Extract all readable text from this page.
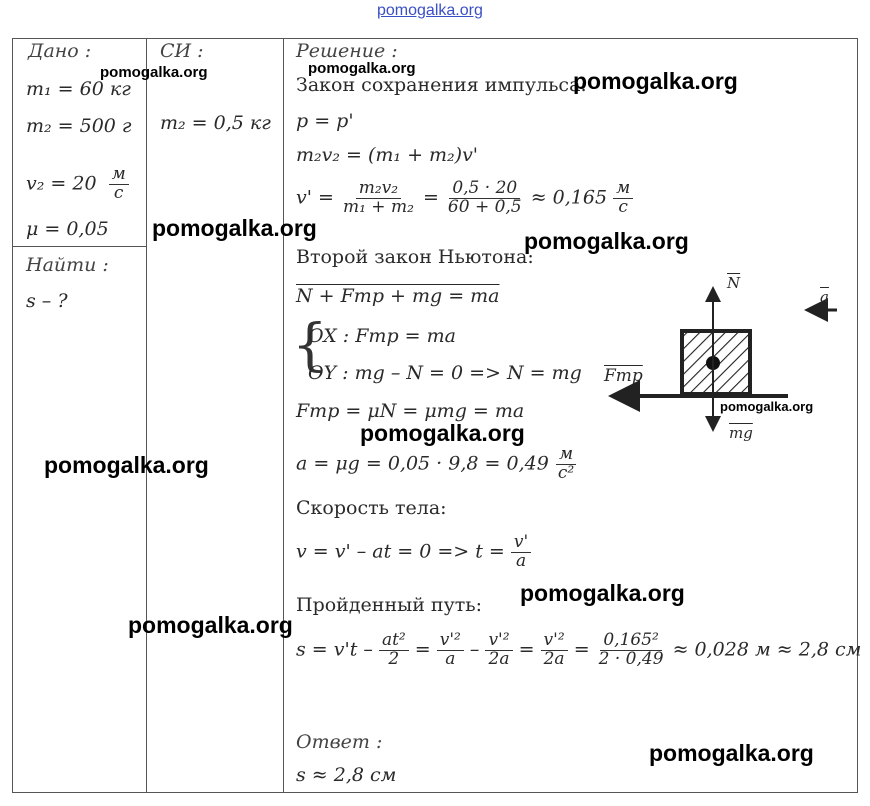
pomogalka.org
Дано :	СИ :	Решение :
Найти :
m₁ = 60 кг
m₂ = 500 г
$v_2 = 20 \frac{м}{с}$
μ = 0,05
s – ?
m₂ = 0,5 кг
Закон сохранения импульса:
p = p'
m₂v₂ = (m₁ + m₂)v'
$v' = \frac{\text{m₂v₂}}{\text{m₁ + m₂}} = \frac{0,5 \cdot 20}{60 + 0,5} \approx 0,165 \frac{м}{с}$
Второй закон Ньютона:
N + Fтр + mg = ma
{
OX : Fтр = ma
OY : mg – N = 0 => N = mg
Fтр = μN = μmg = ma
$a = \mu g = 0,05 \cdot 9,8 = 0,49 \frac{м}{\text{с²}}$
Скорость тела:
v = v' – at = $0 => t = \frac{v'}{a}$
Пройденный путь:
$s = v't - \frac{\text{at²}}{2} = \frac{\text{v'²}}{a} - \frac{\text{v'²}}{2a} = \frac{\text{v'²}}{2a} = \frac{\text{0,165²}}{2 \cdot 0,49} \approx 0,028$ м ≈ 2,8 см
Ответ :
s ≈ 2,8 см
$\overline{N}$
$\overline{a}$
Fтр
$\overline{mg}$
pomogalka.org	pomogalka.org	pomogalka.org
pomogalka.org	pomogalka.org
pomogalka.org
pomogalka.org
pomogalka.org
pomogalka.org
pomogalka.org
pomogalka.org
